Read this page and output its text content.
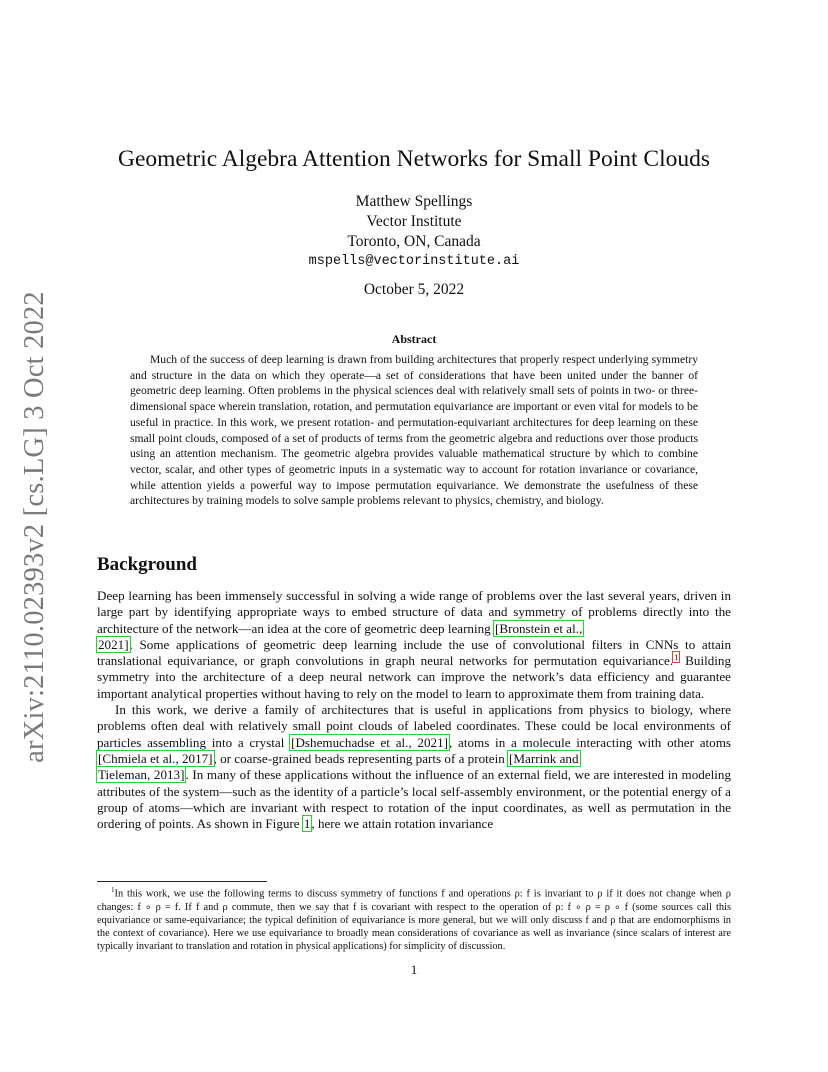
arXiv:2110.02393v2 [cs.LG] 3 Oct 2022
Geometric Algebra Attention Networks for Small Point Clouds
Matthew Spellings
Vector Institute
Toronto, ON, Canada
mspells@vectorinstitute.ai
October 5, 2022
Abstract
Much of the success of deep learning is drawn from building architectures that properly respect underlying symmetry and structure in the data on which they operate—a set of considerations that have been united under the banner of geometric deep learning. Often problems in the physical sciences deal with relatively small sets of points in two- or three-dimensional space wherein translation, rotation, and permutation equivariance are important or even vital for models to be useful in practice. In this work, we present rotation- and permutation-equivariant architectures for deep learning on these small point clouds, composed of a set of products of terms from the geometric algebra and reductions over those products using an attention mechanism. The geometric algebra provides valuable mathematical structure by which to combine vector, scalar, and other types of geometric inputs in a systematic way to account for rotation invariance or covariance, while attention yields a powerful way to impose permutation equivariance. We demonstrate the usefulness of these architectures by training models to solve sample problems relevant to physics, chemistry, and biology.
Background

Deep learning has been immensely successful in solving a wide range of problems over the last several years, driven in large part by identifying appropriate ways to embed structure of data and symmetry of problems directly into the architecture of the network—an idea at the core of geometric deep learning [Bronstein et al.,
2021]. Some applications of geometric deep learning include the use of convolutional filters in CNNs to attain translational equivariance, or graph convolutions in graph neural networks for permutation equivariance.$^1$ Building symmetry into the architecture of a deep neural network can improve the network’s data efficiency and guarantee important analytical properties without having to rely on the model to learn to approximate them from training data.

In this work, we derive a family of architectures that is useful in applications from physics to biology, where problems often deal with relatively small point clouds of labeled coordinates. These could be local environments of particles assembling into a crystal [Dshemuchadse et al., 2021], atoms in a molecule interacting with other atoms [Chmiela et al., 2017], or coarse-grained beads representing parts of a protein [Marrink and
Tieleman, 2013]. In many of these applications without the influence of an external field, we are interested in modeling attributes of the system—such as the identity of a particle’s local self-assembly environment, or the potential energy of a group of atoms—which are invariant with respect to rotation of the input coordinates, as well as permutation in the ordering of points. As shown in Figure 1, here we attain rotation invariance

$^1$In this work, we use the following terms to discuss symmetry of functions f and operations ρ: f is invariant to ρ if it does not change when ρ changes: f ∘ ρ = f. If f and ρ commute, then we say that f is covariant with respect to the operation of ρ: f ∘ ρ = ρ ∘ f (some sources call this equivariance or same-equivariance; the typical definition of equivariance is more general, but we will only discuss f and ρ that are endomorphisms in the context of covariance). Here we use equivariance to broadly mean considerations of covariance as well as invariance (since scalars of interest are typically invariant to translation and rotation in physical applications) for simplicity of discussion.
1
